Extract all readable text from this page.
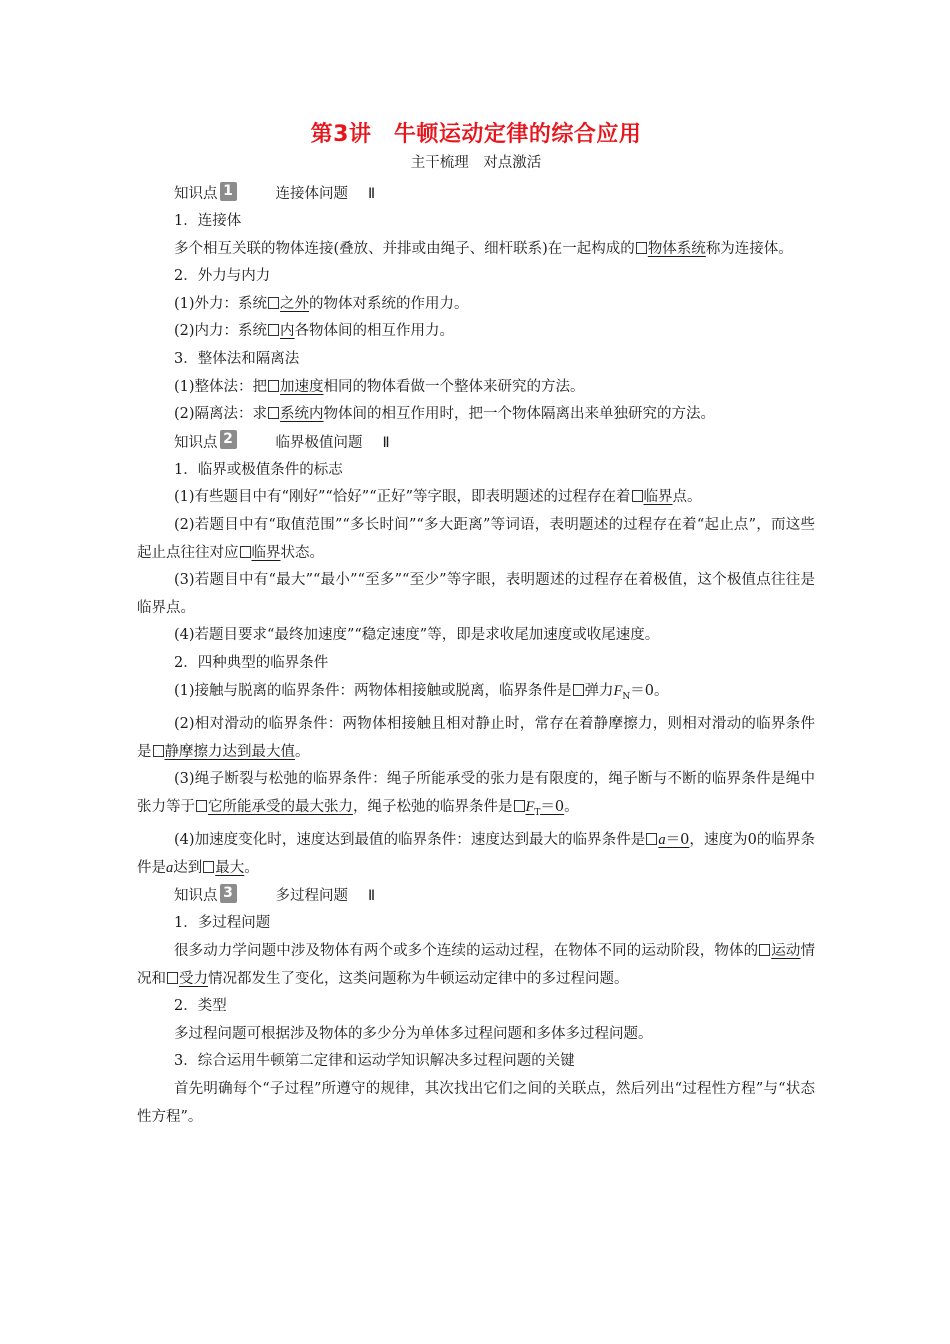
第3讲　牛顿运动定律的综合应用
主干梳理　对点激活
知识点 1	连接体问题 Ⅱ
1．连接体
多个相互关联的物体连接(叠放、并排或由绳子、细杆联系)在一起构成的 物体系统称为连接体。
2．外力与内力
(1)外力：系统 之外的物体对系统的作用力。
(2)内力：系统 内各物体间的相互作用力。
3．整体法和隔离法
(1)整体法：把 加速度相同的物体看做一个整体来研究的方法。
(2)隔离法：求 系统内物体间的相互作用时，把一个物体隔离出来单独研究的方法。
知识点 2	临界极值问题 Ⅱ
1．临界或极值条件的标志
(1)有些题目中有“刚好”“恰好”“正好”等字眼，即表明题述的过程存在着 临界点。
(2)若题目中有“取值范围”“多长时间”“多大距离”等词语，表明题述的过程存在着“起止点”，而这些起止点往往对应 临界状态。
(3)若题目中有“最大”“最小”“至多”“至少”等字眼，表明题述的过程存在着极值，这个极值点往往是临界点。
(4)若题目要求“最终加速度”“稳定速度”等，即是求收尾加速度或收尾速度。
2．四种典型的临界条件
(1)接触与脱离的临界条件：两物体相接触或脱离，临界条件是 弹力$F_N=0$。
(2)相对滑动的临界条件：两物体相接触且相对静止时，常存在着静摩擦力，则相对滑动的临界条件是 静摩擦力达到最大值。
(3)绳子断裂与松弛的临界条件：绳子所能承受的张力是有限度的，绳子断与不断的临界条件是绳中张力等于 它所能承受的最大张力，绳子松弛的临界条件是 $F_T=0$。
(4)加速度变化时，速度达到最值的临界条件：速度达到最大的临界条件是 a＝0，速度为0的临界条件是a达到 最大。
知识点 3	多过程问题 Ⅱ
1．多过程问题
很多动力学问题中涉及物体有两个或多个连续的运动过程，在物体不同的运动阶段，物体的 运动情况和 受力情况都发生了变化，这类问题称为牛顿运动定律中的多过程问题。
2．类型
多过程问题可根据涉及物体的多少分为单体多过程问题和多体多过程问题。
3．综合运用牛顿第二定律和运动学知识解决多过程问题的关键
首先明确每个“子过程”所遵守的规律，其次找出它们之间的关联点，然后列出“过程性方程”与“状态性方程”。
